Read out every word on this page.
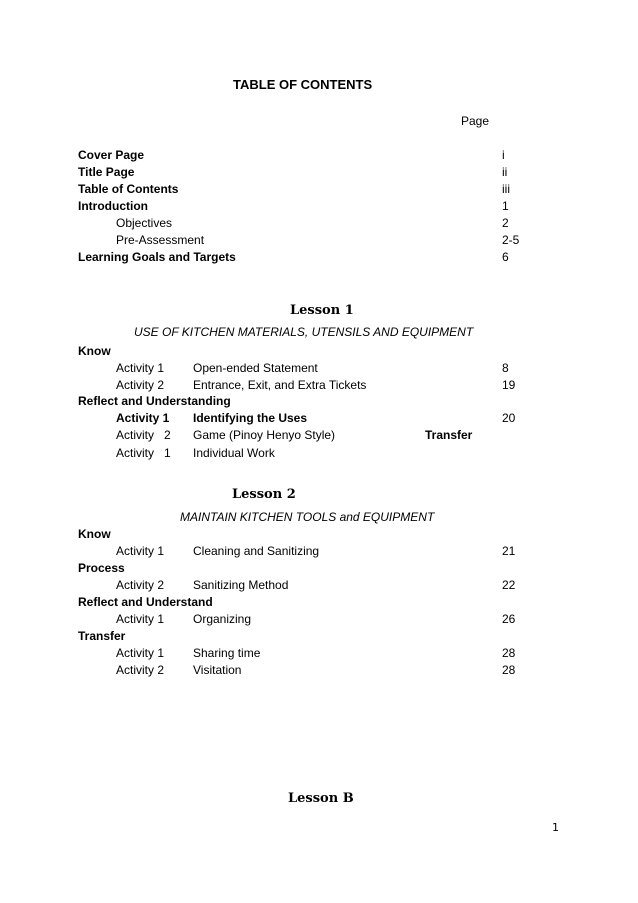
TABLE OF CONTENTS
Page
Cover Page	i
Title Page	ii
Table of Contents	iii
Introduction	1
Objectives	2
Pre-Assessment	2-5
Learning Goals and Targets	6
Lesson 1
USE OF KITCHEN MATERIALS, UTENSILS AND EQUIPMENT
Know
Activity 1 Open-ended Statement	8
Activity 2 Entrance, Exit, and Extra Tickets	19
Reflect and Understanding
Activity 1 Identifying the Uses	20
Activity   2 Game (Pinoy Henyo Style)	Transfer
Activity   1 Individual Work
Lesson 2
MAINTAIN KITCHEN TOOLS and EQUIPMENT
Know
Activity 1 Cleaning and Sanitizing	21
Process
Activity 2 Sanitizing Method	22
Reflect and Understand
Activity 1 Organizing	26
Transfer
Activity 1 Sharing time	28
Activity 2 Visitation	28
Lesson B
1
